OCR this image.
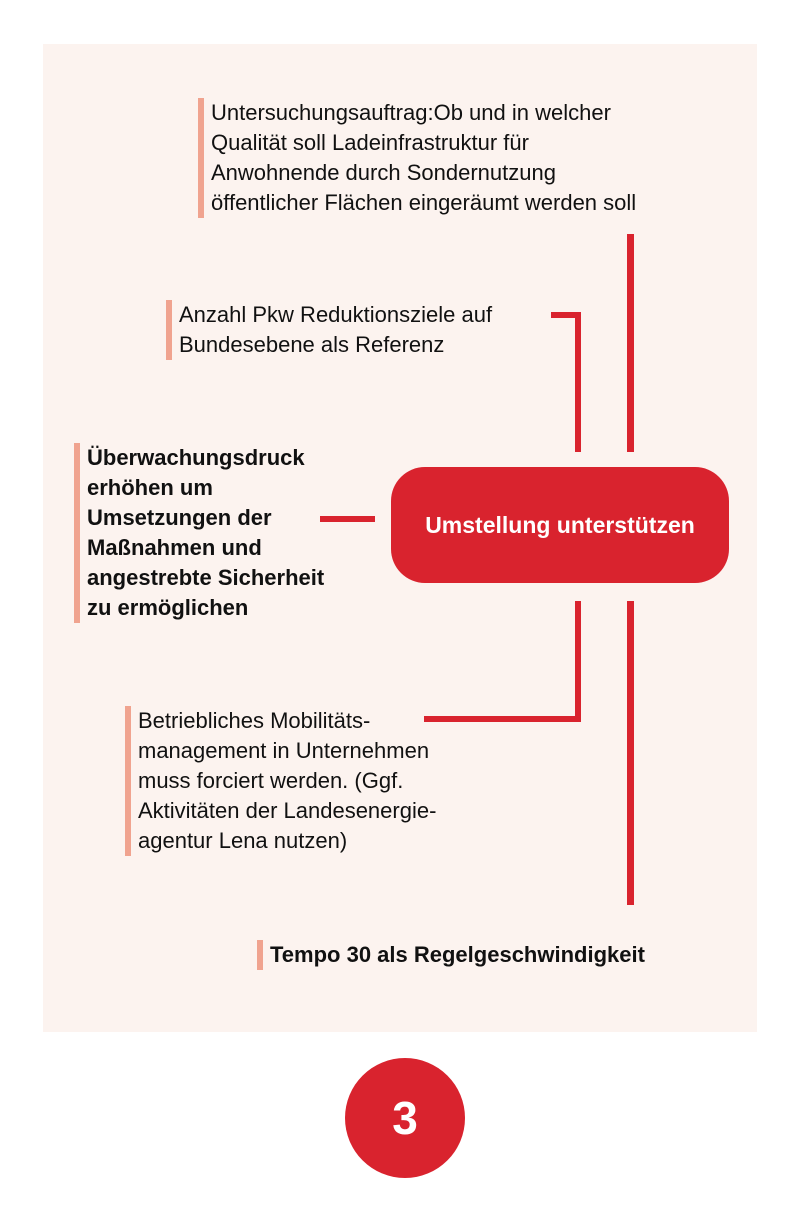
Untersuchungsauftrag:Ob und in welcher
Qualität soll Ladeinfrastruktur für
Anwohnende durch Sondernutzung
öffentlicher Flächen eingeräumt werden soll
Anzahl Pkw Reduktionsziele auf
Bundesebene als Referenz
Überwachungsdruck
erhöhen um
Umsetzungen der
Maßnahmen und
angestrebte Sicherheit
zu ermöglichen
Betriebliches Mobilitäts-
management in Unternehmen
muss forciert werden. (Ggf.
Aktivitäten der Landesenergie-
agentur Lena nutzen)
Tempo 30 als Regelgeschwindigkeit
Umstellung unterstützen
3
